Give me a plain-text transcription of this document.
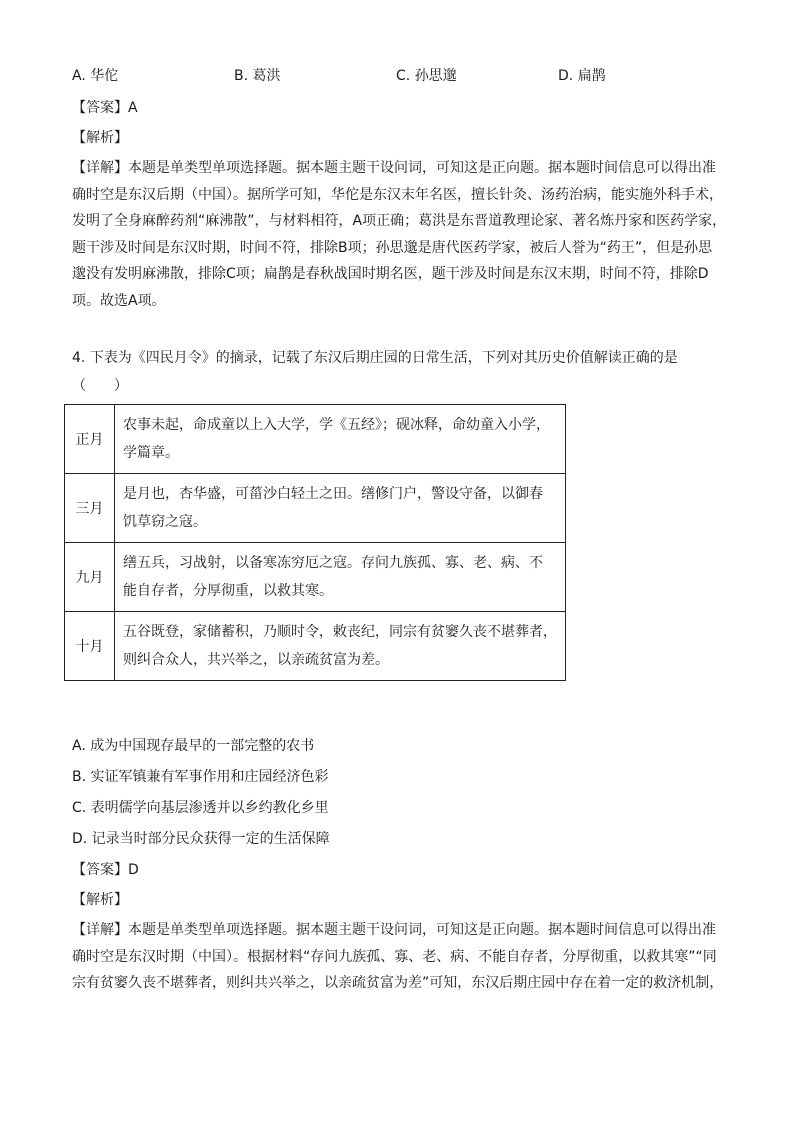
A. 华佗	B. 葛洪	C. 孙思邈	D. 扁鹊
【答案】A
【解析】
【详解】本题是单类型单项选择题。据本题主题干设问词，可知这是正向题。据本题时间信息可以得出准
确时空是东汉后期（中国）。据所学可知，华佗是东汉末年名医，擅长针灸、汤药治病，能实施外科手术，
发明了全身麻醉药剂“麻沸散”，与材料相符，A项正确；葛洪是东晋道教理论家、著名炼丹家和医药学家，
题干涉及时间是东汉时期，时间不符，排除B项；孙思邈是唐代医药学家，被后人誉为“药王”，但是孙思
邈没有发明麻沸散，排除C项；扁鹊是春秋战国时期名医，题干涉及时间是东汉末期，时间不符，排除D
项。故选A项。
4. 下表为《四民月令》的摘录，记载了东汉后期庄园的日常生活，下列对其历史价值解读正确的是
（　　）
正月	农事未起，命成童以上入大学，学《五经》；砚冰释，命幼童入小学，
学篇章。

三月	是月也，杏华盛，可菑沙白轻土之田。缮修门户，警设守备，以御春
饥草窃之寇。

九月	缮五兵，习战射，以备寒冻穷厄之寇。存问九族孤、寡、老、病、不
能自存者，分厚彻重，以救其寒。

十月	五谷既登，家储蓄积，乃顺时令，敕丧纪，同宗有贫窭久丧不堪葬者，
则纠合众人，共兴举之，以亲疏贫富为差。
A. 成为中国现存最早的一部完整的农书
B. 实证军镇兼有军事作用和庄园经济色彩
C. 表明儒学向基层渗透并以乡约教化乡里
D. 记录当时部分民众获得一定的生活保障
【答案】D
【解析】
【详解】本题是单类型单项选择题。据本题主题干设问词，可知这是正向题。据本题时间信息可以得出准
确时空是东汉时期（中国）。根据材料“存问九族孤、寡、老、病、不能自存者，分厚彻重，以救其寒”“同
宗有贫窭久丧不堪葬者，则纠共兴举之，以亲疏贫富为差”可知，东汉后期庄园中存在着一定的救济机制，
